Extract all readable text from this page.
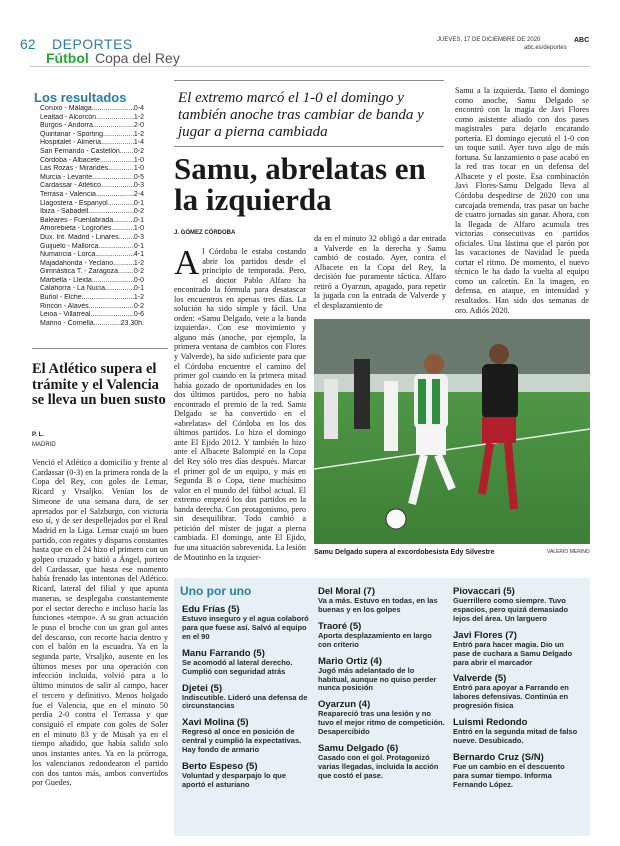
62 DEPORTES
Fútbol Copa del Rey
JUEVES, 17 DE DICIEMBRE DE 2020	ABC
abc.es/deportes
Los resultados
Coruxo - Málaga .....	0-4
Lealtad - Alcorcón .....	1-2
Burgos - Andorra .....	2-0
Quintanar - Sporting .....	1-2
Hospitalet - Almería .....	1-4
San Fernando - Castellón ..... 0-2
Córdoba - Albacete .....	1-0
Las Rozas - Mirandés .....	1-0
Murcia - Levante .....	0-5
Cardassar - Atlético .....	0-3
Terrasa - Valencia .....	2-4
Llagostera - Espanyol .....	0-1
Ibiza - Sabadell .....	0-2
Baleares - Fuenlabrada .....	0-1
Amorebieta - Logroñés .....	1-0
Dux. Int. Madrid - Linares ..... 0-3
Guijuelo - Mallorca .....	0-1
Numancia - Lorca .....	4-1
Majadahonda - Yeclano .....	1-2
Gimnástica T. - Zaragoza ..... 0-2
Marbella - Lleida .....	0-0
Calahorra - La Nucía .....	0-1
Buñol - Elche .....	1-2
Rincón - Alavés .....	0-2
Leioa - Villarreal .....	0-6
Marino - Cornellà .....	23.30h.
El Atlético supera el trámite y el Valencia se lleva un buen susto
P. L.
MADRID
Venció el Atlético a domicilio y frente al Cardassar (0-3) en la primera ronda de la Copa del Rey, con goles de Lemar, Ricard y Vrsaljko. Venían los de Simeone de una semana dura, de ser apretados por el Salzburgo, con victoria eso sí, y de ser despellejados por el Real Madrid en la Liga. Lemar cuajó un buen partido, con regates y disparos constantes hasta que en el 24 hizo el primero con un golpeo cruzado y batió a Ángel, portero del Cardassar, que hasta ese momento había frenado las intentonas del Atlético. Ricard, lateral del filial y que apunta maneras, se desplegaba constantemente por el sector derecho e incluso hacía las funciones «tempo». A su gran actuación le puso el broche con un gran gol antes del descanso, con recorte hacia dentro y con el balón en la escuadra. Ya en la segunda parte, Vrsaljko, ausente en los últimos meses por una operación con infección incluida, volvió para a lo último minutos de salir al campo, hacer el tercero y definitivo. Menos holgado fue el Valencia, que en el minuto 50 perdía 2-0 contra el Terrassa y que consiguió el empate con goles de Soler en el minuto 83 y de Musah ya en el tiempo añadido, que había salido solo unos instantes antes. Ya en la prórroga, los valencianos redondearon el partido con dos tantos más, ambos convertidos por Guedes.
El extremo marcó el 1-0 el domingo y también anoche tras cambiar de banda y jugar a pierna cambiada
Samu, abrelatas en la izquierda
J. GÓMEZ CÓRDOBA
Al Córdoba le estaba costando abrir los partidos desde el principio de temporada. Pero, el doctor Pablo Alfaro ha encontrado la fórmula para desatascar los encuentros en apenas tres días. La solución ha sido simple y fácil. Una orden: «Samu Delgado, vete a la banda izquierda». Con ese movimiento y alguno más (anoche, por ejemplo, la primera ventana de cambios con Flores y Valverde), ha sido suficiente para que el Córdoba encuentre el camino del primer gol cuando en la primera mitad había gozado de oportunidades en los dos últimos partidos, pero no había encontrado el premio de la red. Samu Delgado se ha convertido en el «abrelatas» del Córdoba en los dos últimos partidos. Lo hizo el domingo ante El Ejido 2012. Y también lo hizo ante el Albacete Balompié en la Copa del Rey sólo tres días después. Marcar el primer gol de un equipo, y más en Segunda B o Copa, tiene muchísimo valor en el mundo del fútbol actual. El extremo empezó los dos partidos en la banda derecha. Con protagonismo, pero sin desequilibrar. Todo cambió a petición del míster de jugar a pierna cambiada. El domingo, ante El Ejido, fue una situación sobrevenida. La lesión de Moutinho en la izquier-
da en el minuto 32 obligó a dar entrada a Valverde en la derecha y Samu cambió de costado. Ayer, contra el Albacete en la Copa del Rey, la decisión fue puramente táctica. Alfaro retiró a Oyarzun, apagado, para repetir la jugada con la entrada de Valverde y el desplazamiento de
Samu a la izquierda. Tanto el domingo como anoche, Samu Delgado se encontró con la magia de Javi Flores como asistente aliado con dos pases magistrales para dejarlo encarando portería. El domingo ejecutó el 1-0 con un toque sutil. Ayer tuvo algo de más fortuna. Su lanzamiento o pase acabó en la red tras tocar en un defensa del Albacete y el poste. Esa combinación Javi Flores-Samu Delgado lleva al Córdoba despedirse de 2020 con una carcajada tremenda, tras pasar un bache de cuatro jornadas sin ganar. Ahora, con la llegada de Alfaro acumula tres victorias consecutivas en partidos oficiales. Una lástima que el parón por las vacaciones de Navidad le pueda cortar el ritmo. De momento, el nuevo técnico le ha dado la vuelta al equipo como un calcetín. En la imagen, en defensa, en ataque, en intensidad y resultados. Han sido dos semanas de oro. Adiós 2020.
Samu Delgado supera al excordobesista Edy Silvestre	VALERIO MERINO
Uno por uno
Edu Frías (5)
Estuvo inseguro y el agua colaboró para que fuese así. Salvó al equipo en el 90
Manu Farrando (5)
Se acomodó al lateral derecho. Cumplió con seguridad atrás
Djetei (5)
Indiscutible. Lideró una defensa de circunstancias
Xavi Molina (5)
Regresó al once en posición de central y cumplió la expectativas. Hay fondo de armario
Berto Espeso (5)
Voluntad y desparpajo lo que aportó el asturiano
Del Moral (7)
Va a más. Estuvo en todas, en las buenas y en los golpes
Traoré (5)
Aporta desplazamiento en largo con criterio
Mario Ortiz (4)
Jugó más adelantado de lo habitual, aunque no quiso perder nunca posición
Oyarzun (4)
Reapareció tras una lesión y no tuvo el mejor ritmo de competición. Desapercibido
Samu Delgado (6)
Casado con el gol. Protagonizó varias llegadas, incluida la acción que costó el pase.
Piovaccari (5)
Guerrillero como siempre. Tuvo espacios, pero quizá demasiado lejos del área. Un larguero
Javi Flores (7)
Entró para hacer magia. Dio un pase de cuchara a Samu Delgado para abrir el marcador
Valverde (5)
Entró para apoyar a Farrando en labores defensivas. Continúa en progresión física
Luismi Redondo
Entró en la segunda mitad de falso nueve. Desubicado.
Bernardo Cruz (S/N)
Fue un cambio en el descuento para sumar tiempo. Informa Fernando López.
